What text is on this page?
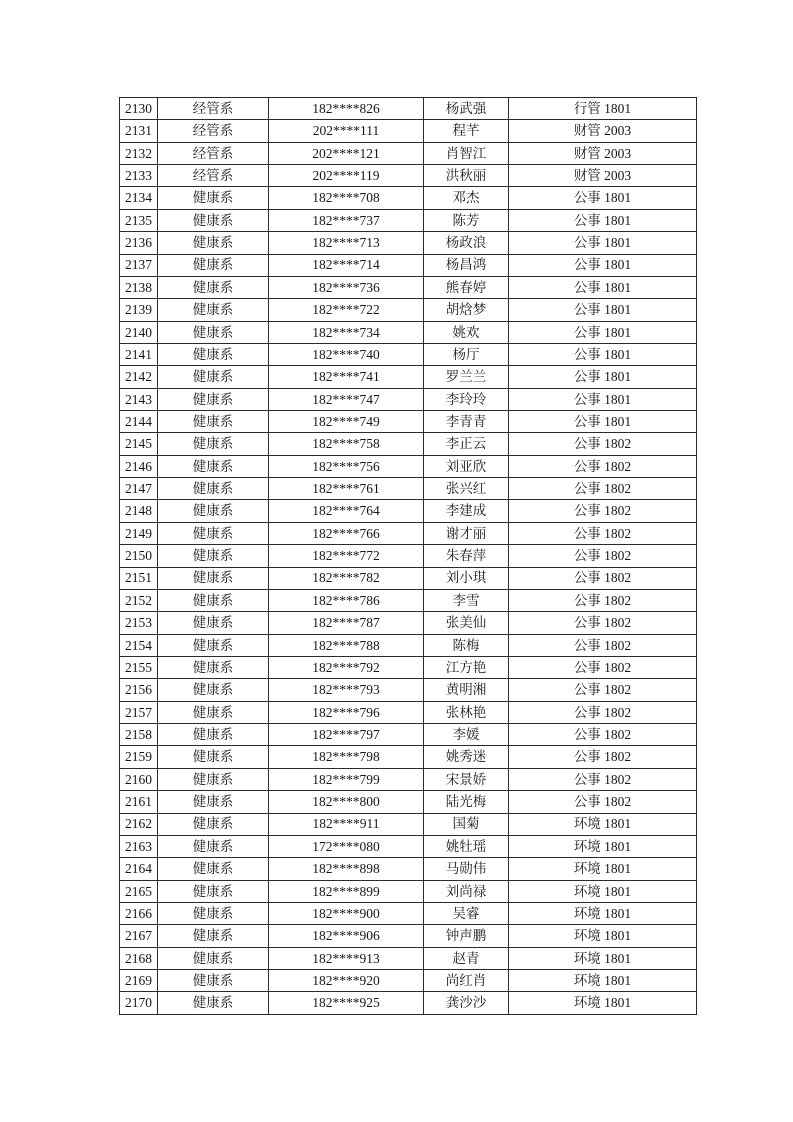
2130	经管系	182****826	杨武强	行管 1801
2131	经管系	202****111	程芊	财管 2003
2132	经管系	202****121	肖智江	财管 2003
2133	经管系	202****119	洪秋丽	财管 2003
2134	健康系	182****708	邓杰	公事 1801
2135	健康系	182****737	陈芳	公事 1801
2136	健康系	182****713	杨政浪	公事 1801
2137	健康系	182****714	杨昌鸿	公事 1801
2138	健康系	182****736	熊春婷	公事 1801
2139	健康系	182****722	胡焓梦	公事 1801
2140	健康系	182****734	姚欢	公事 1801
2141	健康系	182****740	杨厅	公事 1801
2142	健康系	182****741	罗兰兰	公事 1801
2143	健康系	182****747	李玲玲	公事 1801
2144	健康系	182****749	李青青	公事 1801
2145	健康系	182****758	李正云	公事 1802
2146	健康系	182****756	刘亚欣	公事 1802
2147	健康系	182****761	张兴红	公事 1802
2148	健康系	182****764	李建成	公事 1802
2149	健康系	182****766	谢才丽	公事 1802
2150	健康系	182****772	朱春萍	公事 1802
2151	健康系	182****782	刘小琪	公事 1802
2152	健康系	182****786	李雪	公事 1802
2153	健康系	182****787	张美仙	公事 1802
2154	健康系	182****788	陈梅	公事 1802
2155	健康系	182****792	江方艳	公事 1802
2156	健康系	182****793	黄明湘	公事 1802
2157	健康系	182****796	张林艳	公事 1802
2158	健康系	182****797	李媛	公事 1802
2159	健康系	182****798	姚秀迷	公事 1802
2160	健康系	182****799	宋景娇	公事 1802
2161	健康系	182****800	陆光梅	公事 1802
2162	健康系	182****911	国菊	环境 1801
2163	健康系	172****080	姚牡瑶	环境 1801
2164	健康系	182****898	马勋伟	环境 1801
2165	健康系	182****899	刘尚禄	环境 1801
2166	健康系	182****900	吴睿	环境 1801
2167	健康系	182****906	钟声鹏	环境 1801
2168	健康系	182****913	赵青	环境 1801
2169	健康系	182****920	尚红肖	环境 1801
2170	健康系	182****925	龚沙沙	环境 1801
